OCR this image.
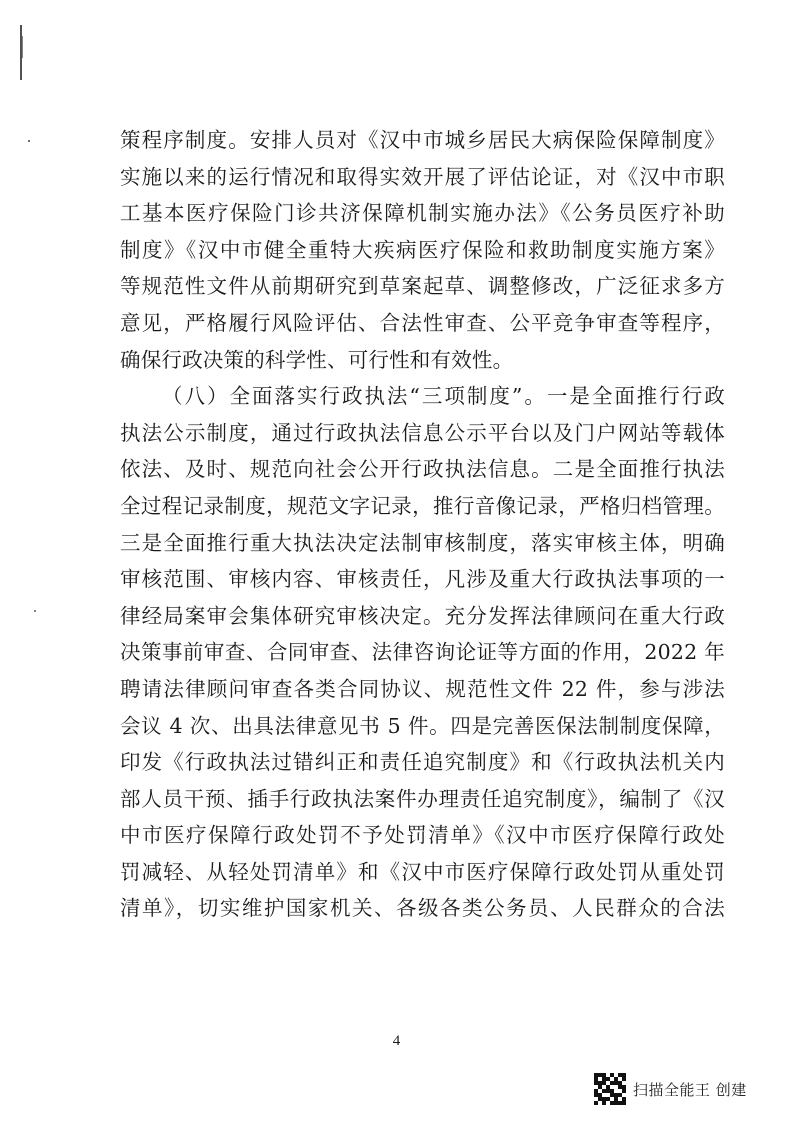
策程序制度。安排人员对《汉中市城乡居民大病保险保障制度》
实施以来的运行情况和取得实效开展了评估论证，对《汉中市职
工基本医疗保险门诊共济保障机制实施办法》《公务员医疗补助
制度》《汉中市健全重特大疾病医疗保险和救助制度实施方案》
等规范性文件从前期研究到草案起草、调整修改，广泛征求多方
意见，严格履行风险评估、合法性审查、公平竞争审查等程序，
确保行政决策的科学性、可行性和有效性。
（八）全面落实行政执法“三项制度”。一是全面推行行政
执法公示制度，通过行政执法信息公示平台以及门户网站等载体
依法、及时、规范向社会公开行政执法信息。二是全面推行执法
全过程记录制度，规范文字记录，推行音像记录，严格归档管理。
三是全面推行重大执法决定法制审核制度，落实审核主体，明确
审核范围、审核内容、审核责任，凡涉及重大行政执法事项的一
律经局案审会集体研究审核决定。充分发挥法律顾问在重大行政
决策事前审查、合同审查、法律咨询论证等方面的作用，2022 年
聘请法律顾问审查各类合同协议、规范性文件 22 件，参与涉法
会议 4 次、出具法律意见书 5 件。四是完善医保法制制度保障，
印发《行政执法过错纠正和责任追究制度》和《行政执法机关内
部人员干预、插手行政执法案件办理责任追究制度》，编制了《汉
中市医疗保障行政处罚不予处罚清单》《汉中市医疗保障行政处
罚减轻、从轻处罚清单》和《汉中市医疗保障行政处罚从重处罚
清单》，切实维护国家机关、各级各类公务员、人民群众的合法
4
扫描全能王 创建
